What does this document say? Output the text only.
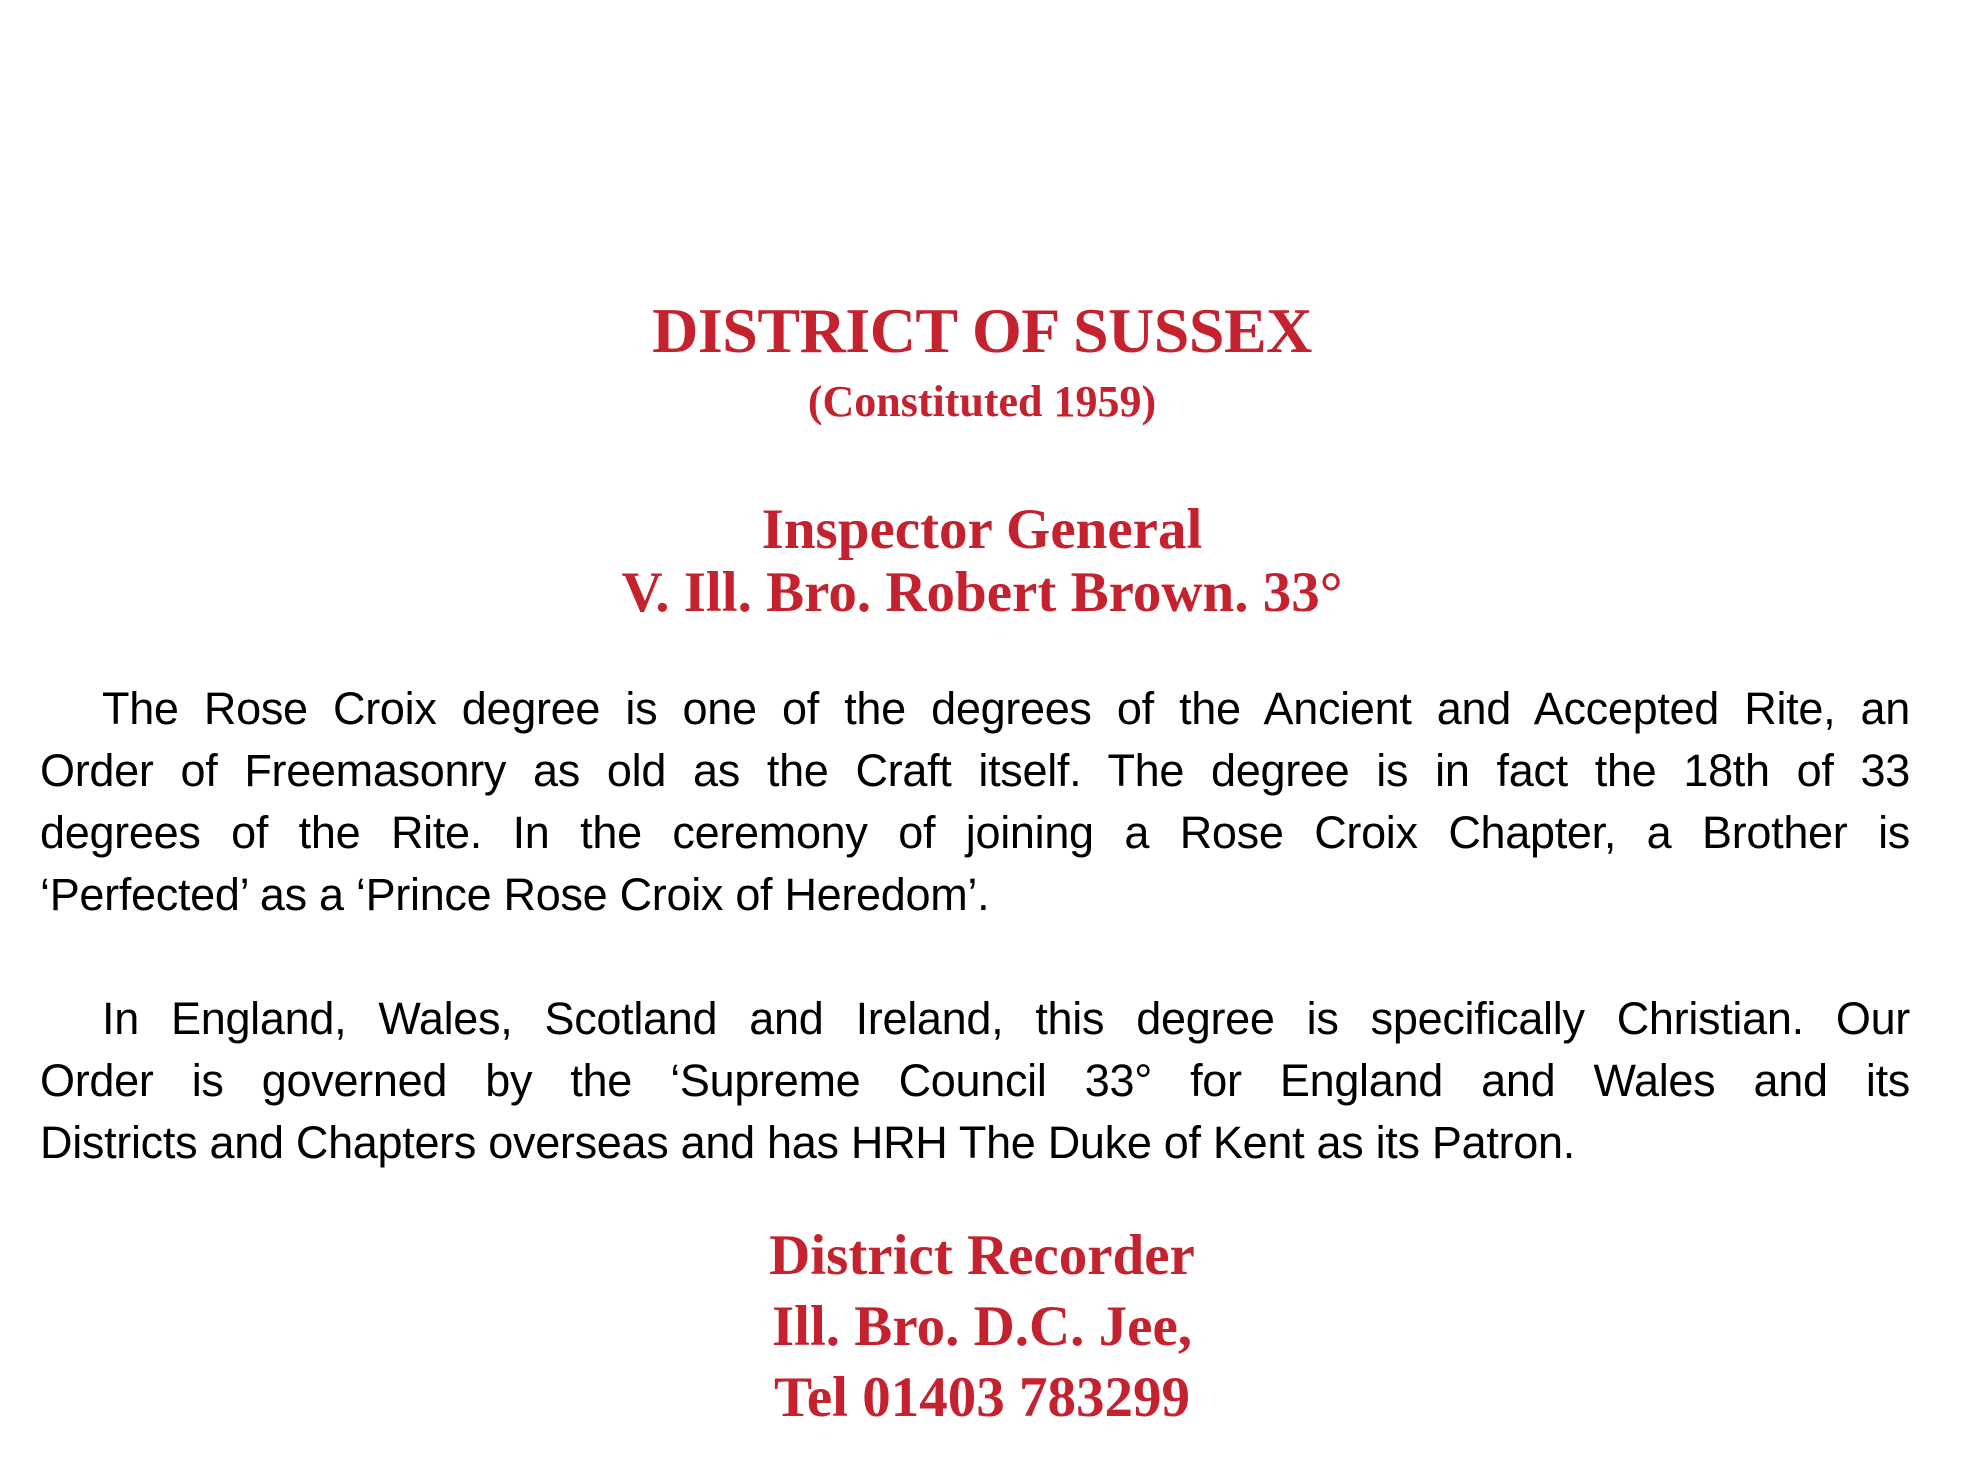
DISTRICT OF SUSSEX
(Constituted 1959)
Inspector General
V. Ill. Bro. Robert Brown. 33°
The Rose Croix degree is one of the degrees of the Ancient and Accepted Rite, an
Order of Freemasonry as old as the Craft itself. The degree is in fact the 18th of 33
degrees of the Rite. In the ceremony of joining a Rose Croix Chapter, a Brother is
‘Perfected’ as a ‘Prince Rose Croix of Heredom’.
In England, Wales, Scotland and Ireland, this degree is specifically Christian. Our
Order is governed by the ‘Supreme Council 33° for England and Wales and its
Districts and Chapters overseas and has HRH The Duke of Kent as its Patron.
District Recorder
Ill. Bro. D.C. Jee,
Tel 01403 783299
